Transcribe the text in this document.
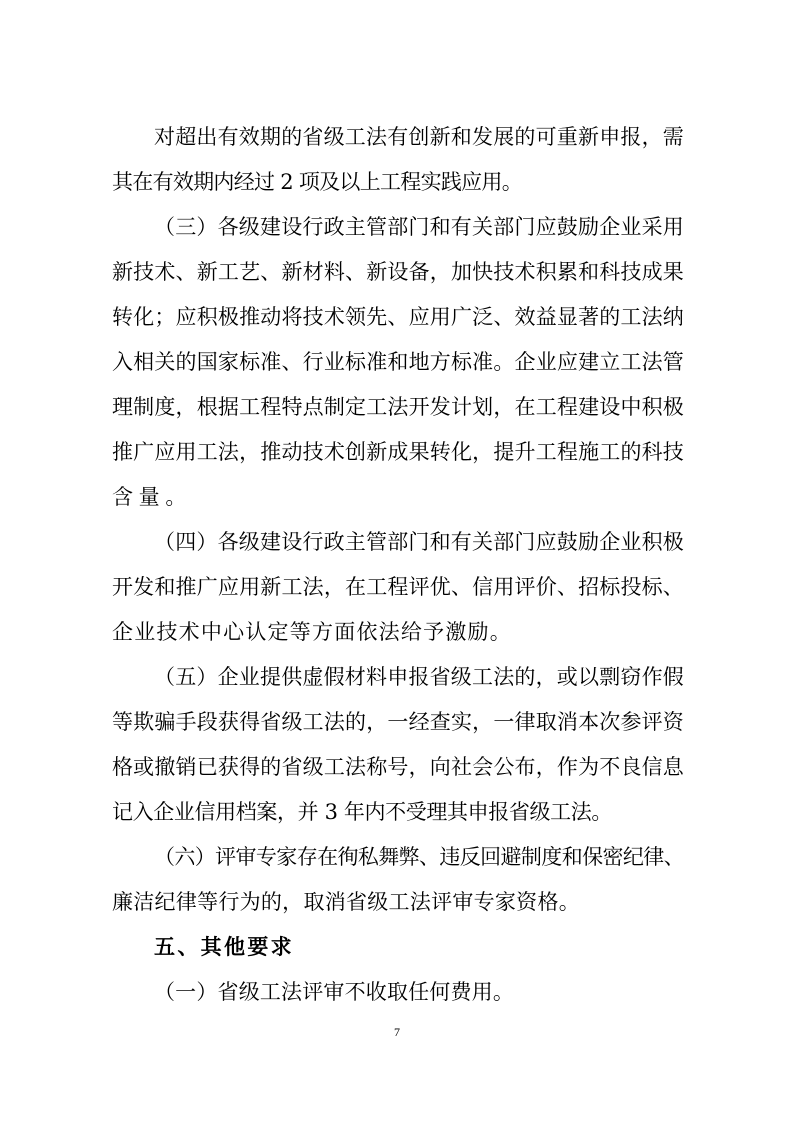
对超出有效期的省级工法有创新和发展的可重新申报，需
其在有效期内经过 2 项及以上工程实践应用。
（三）各级建设行政主管部门和有关部门应鼓励企业采用
新技术、新工艺、新材料、新设备，加快技术积累和科技成果
转化；应积极推动将技术领先、应用广泛、效益显著的工法纳
入相关的国家标准、行业标准和地方标准。企业应建立工法管
理制度，根据工程特点制定工法开发计划，在工程建设中积极
推广应用工法，推动技术创新成果转化，提升工程施工的科技
含量。
（四）各级建设行政主管部门和有关部门应鼓励企业积极
开发和推广应用新工法，在工程评优、信用评价、招标投标、
企业技术中心认定等方面依法给予激励。
（五）企业提供虚假材料申报省级工法的，或以剽窃作假
等欺骗手段获得省级工法的，一经查实，一律取消本次参评资
格或撤销已获得的省级工法称号，向社会公布，作为不良信息
记入企业信用档案，并 3 年内不受理其申报省级工法。
（六）评审专家存在徇私舞弊、违反回避制度和保密纪律、
廉洁纪律等行为的，取消省级工法评审专家资格。
五、其他要求
（一）省级工法评审不收取任何费用。
7
